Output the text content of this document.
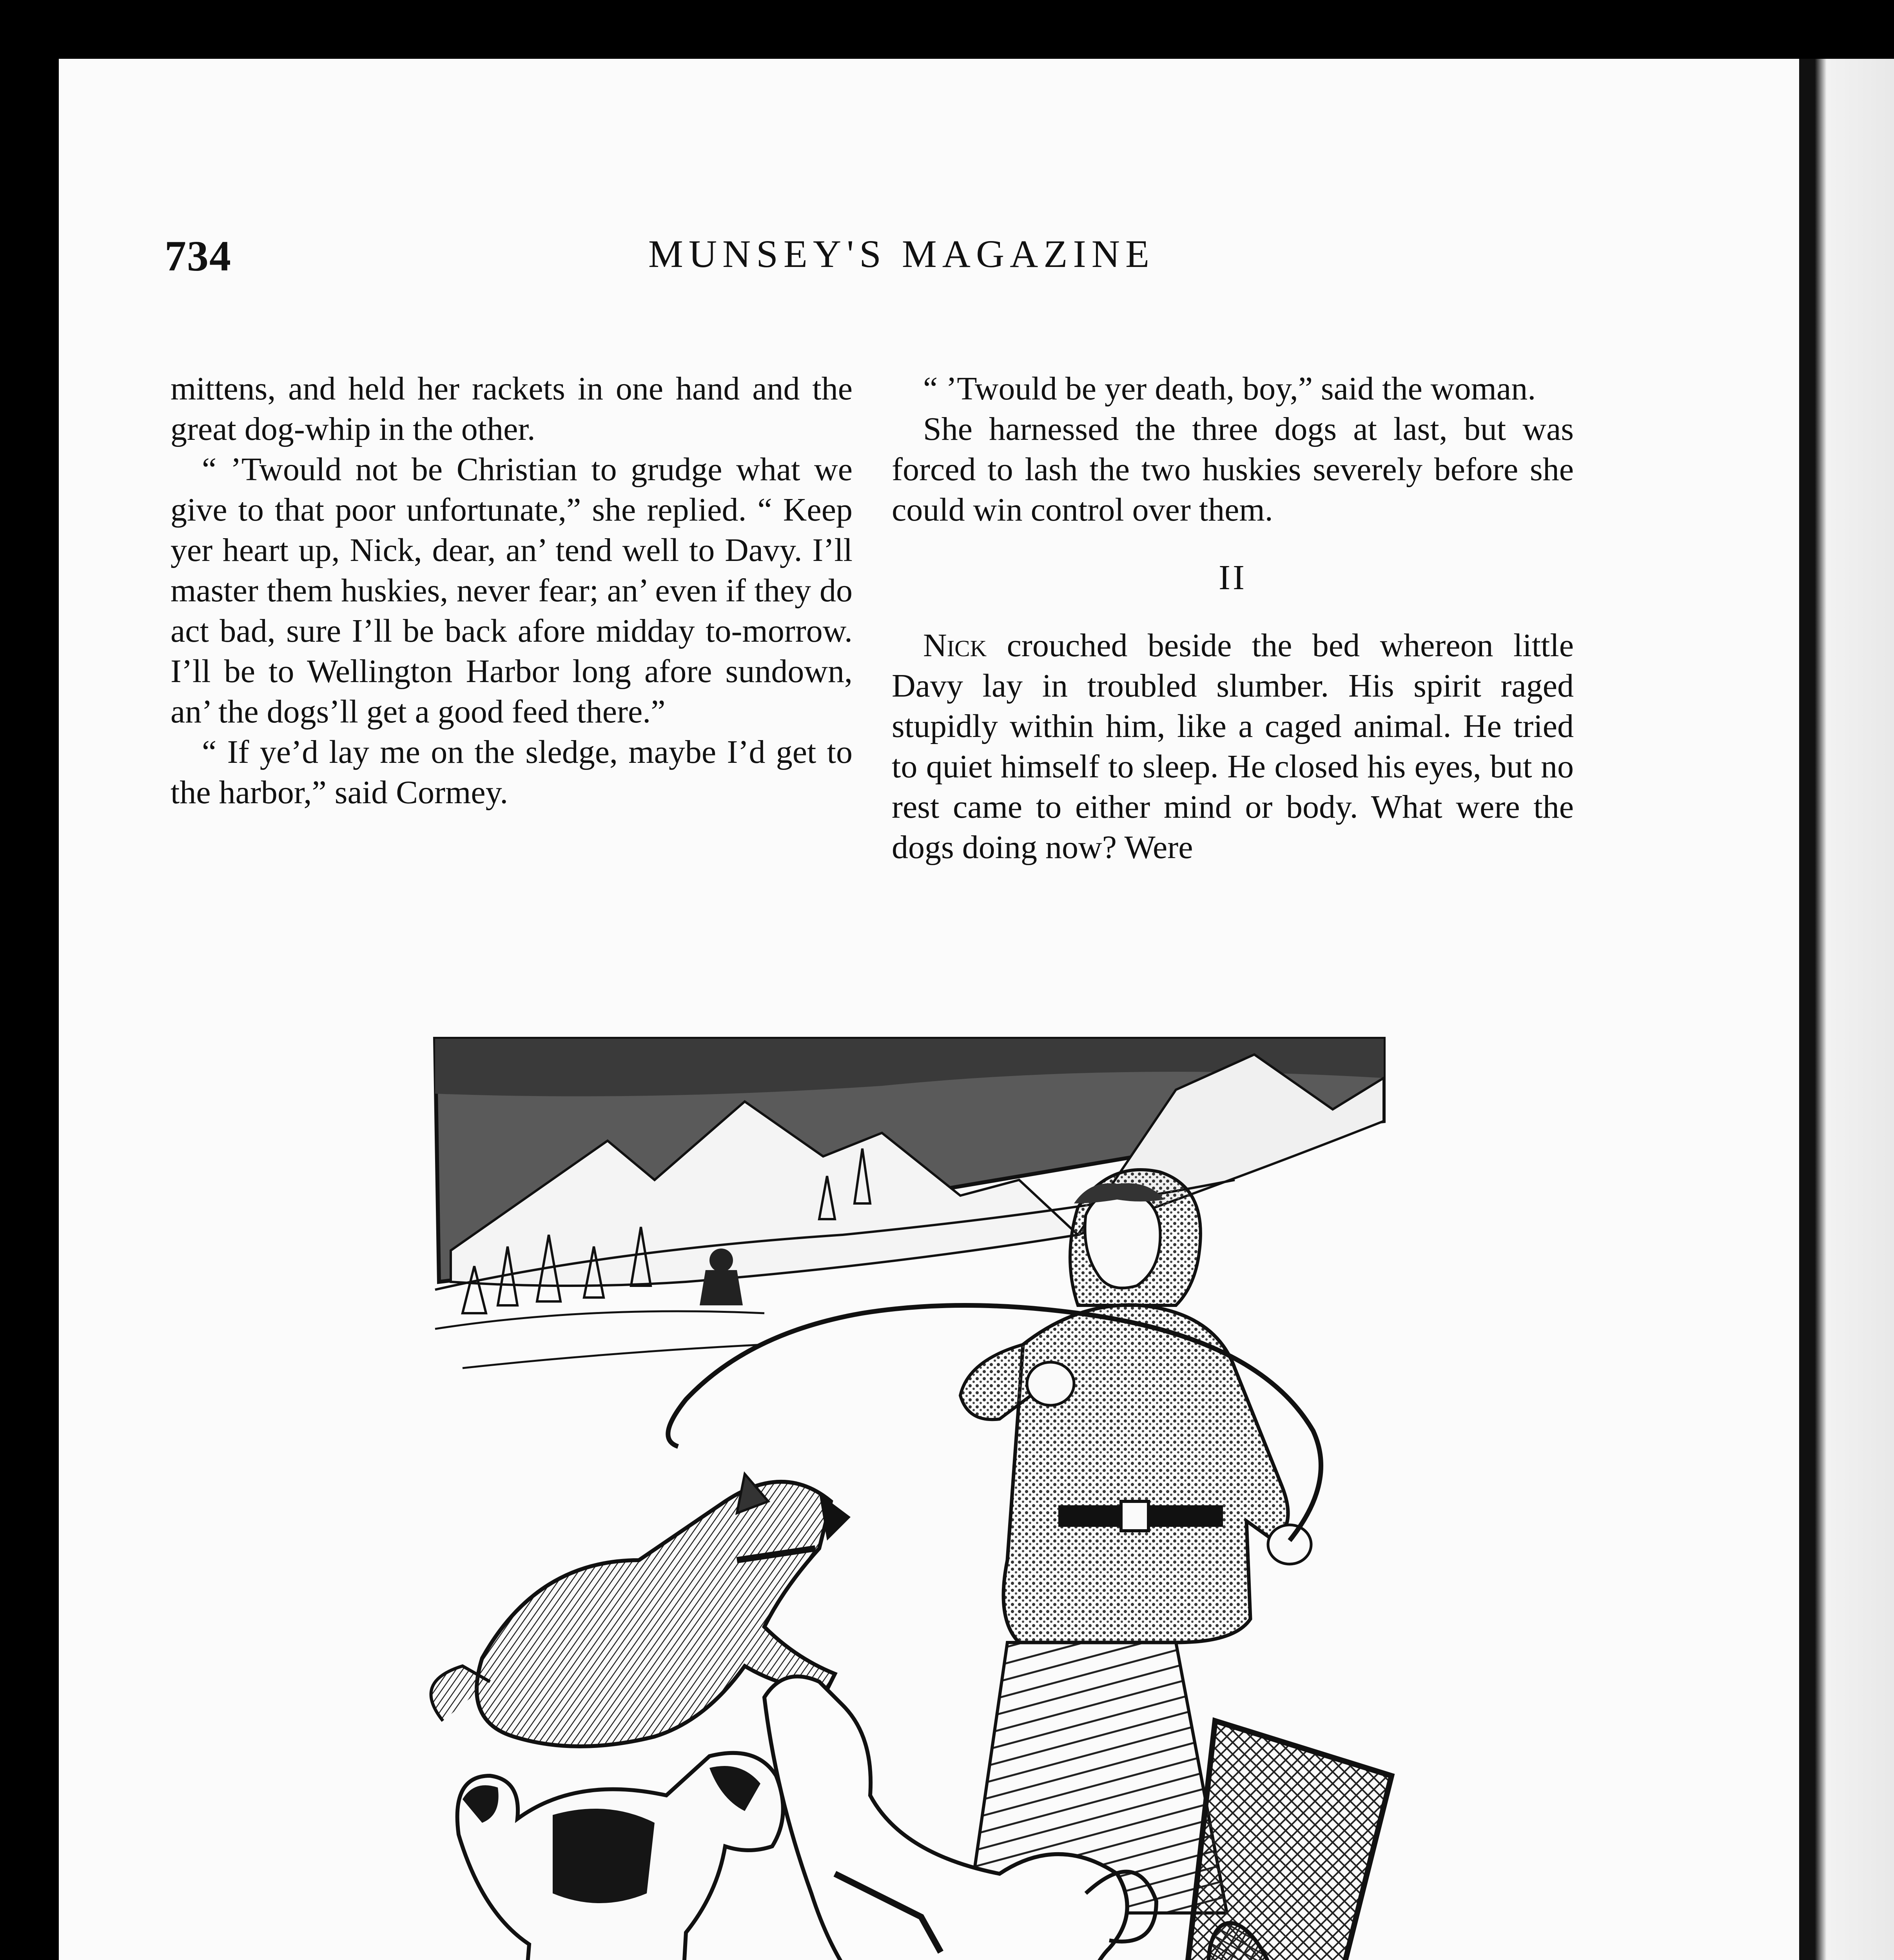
734	MUNSEY'S MAGAZINE

mittens, and held her rackets in one hand and the great dog-whip in the other.

“ ’Twould not be Christian to grudge what we give to that poor unfortunate,” she replied. “ Keep yer heart up, Nick, dear, an’ tend well to Davy. I’ll master them huskies, never fear; an’ even if they do act bad, sure I’ll be back afore midday to-morrow. I’ll be to Wellington Harbor long afore sundown, an’ the dogs’ll get a good feed there.”

“ If ye’d lay me on the sledge, maybe I’d get to the harbor,” said Cormey.

“ ’Twould be yer death, boy,” said the woman.

She harnessed the three dogs at last, but was forced to lash the two huskies severely before she could win control over them.

II

Nick crouched beside the bed whereon little Davy lay in troubled slumber. His spirit raged stupidly within him, like a caged animal. He tried to quiet himself to sleep. He closed his eyes, but no rest came to either mind or body. What were the dogs doing now? Were
